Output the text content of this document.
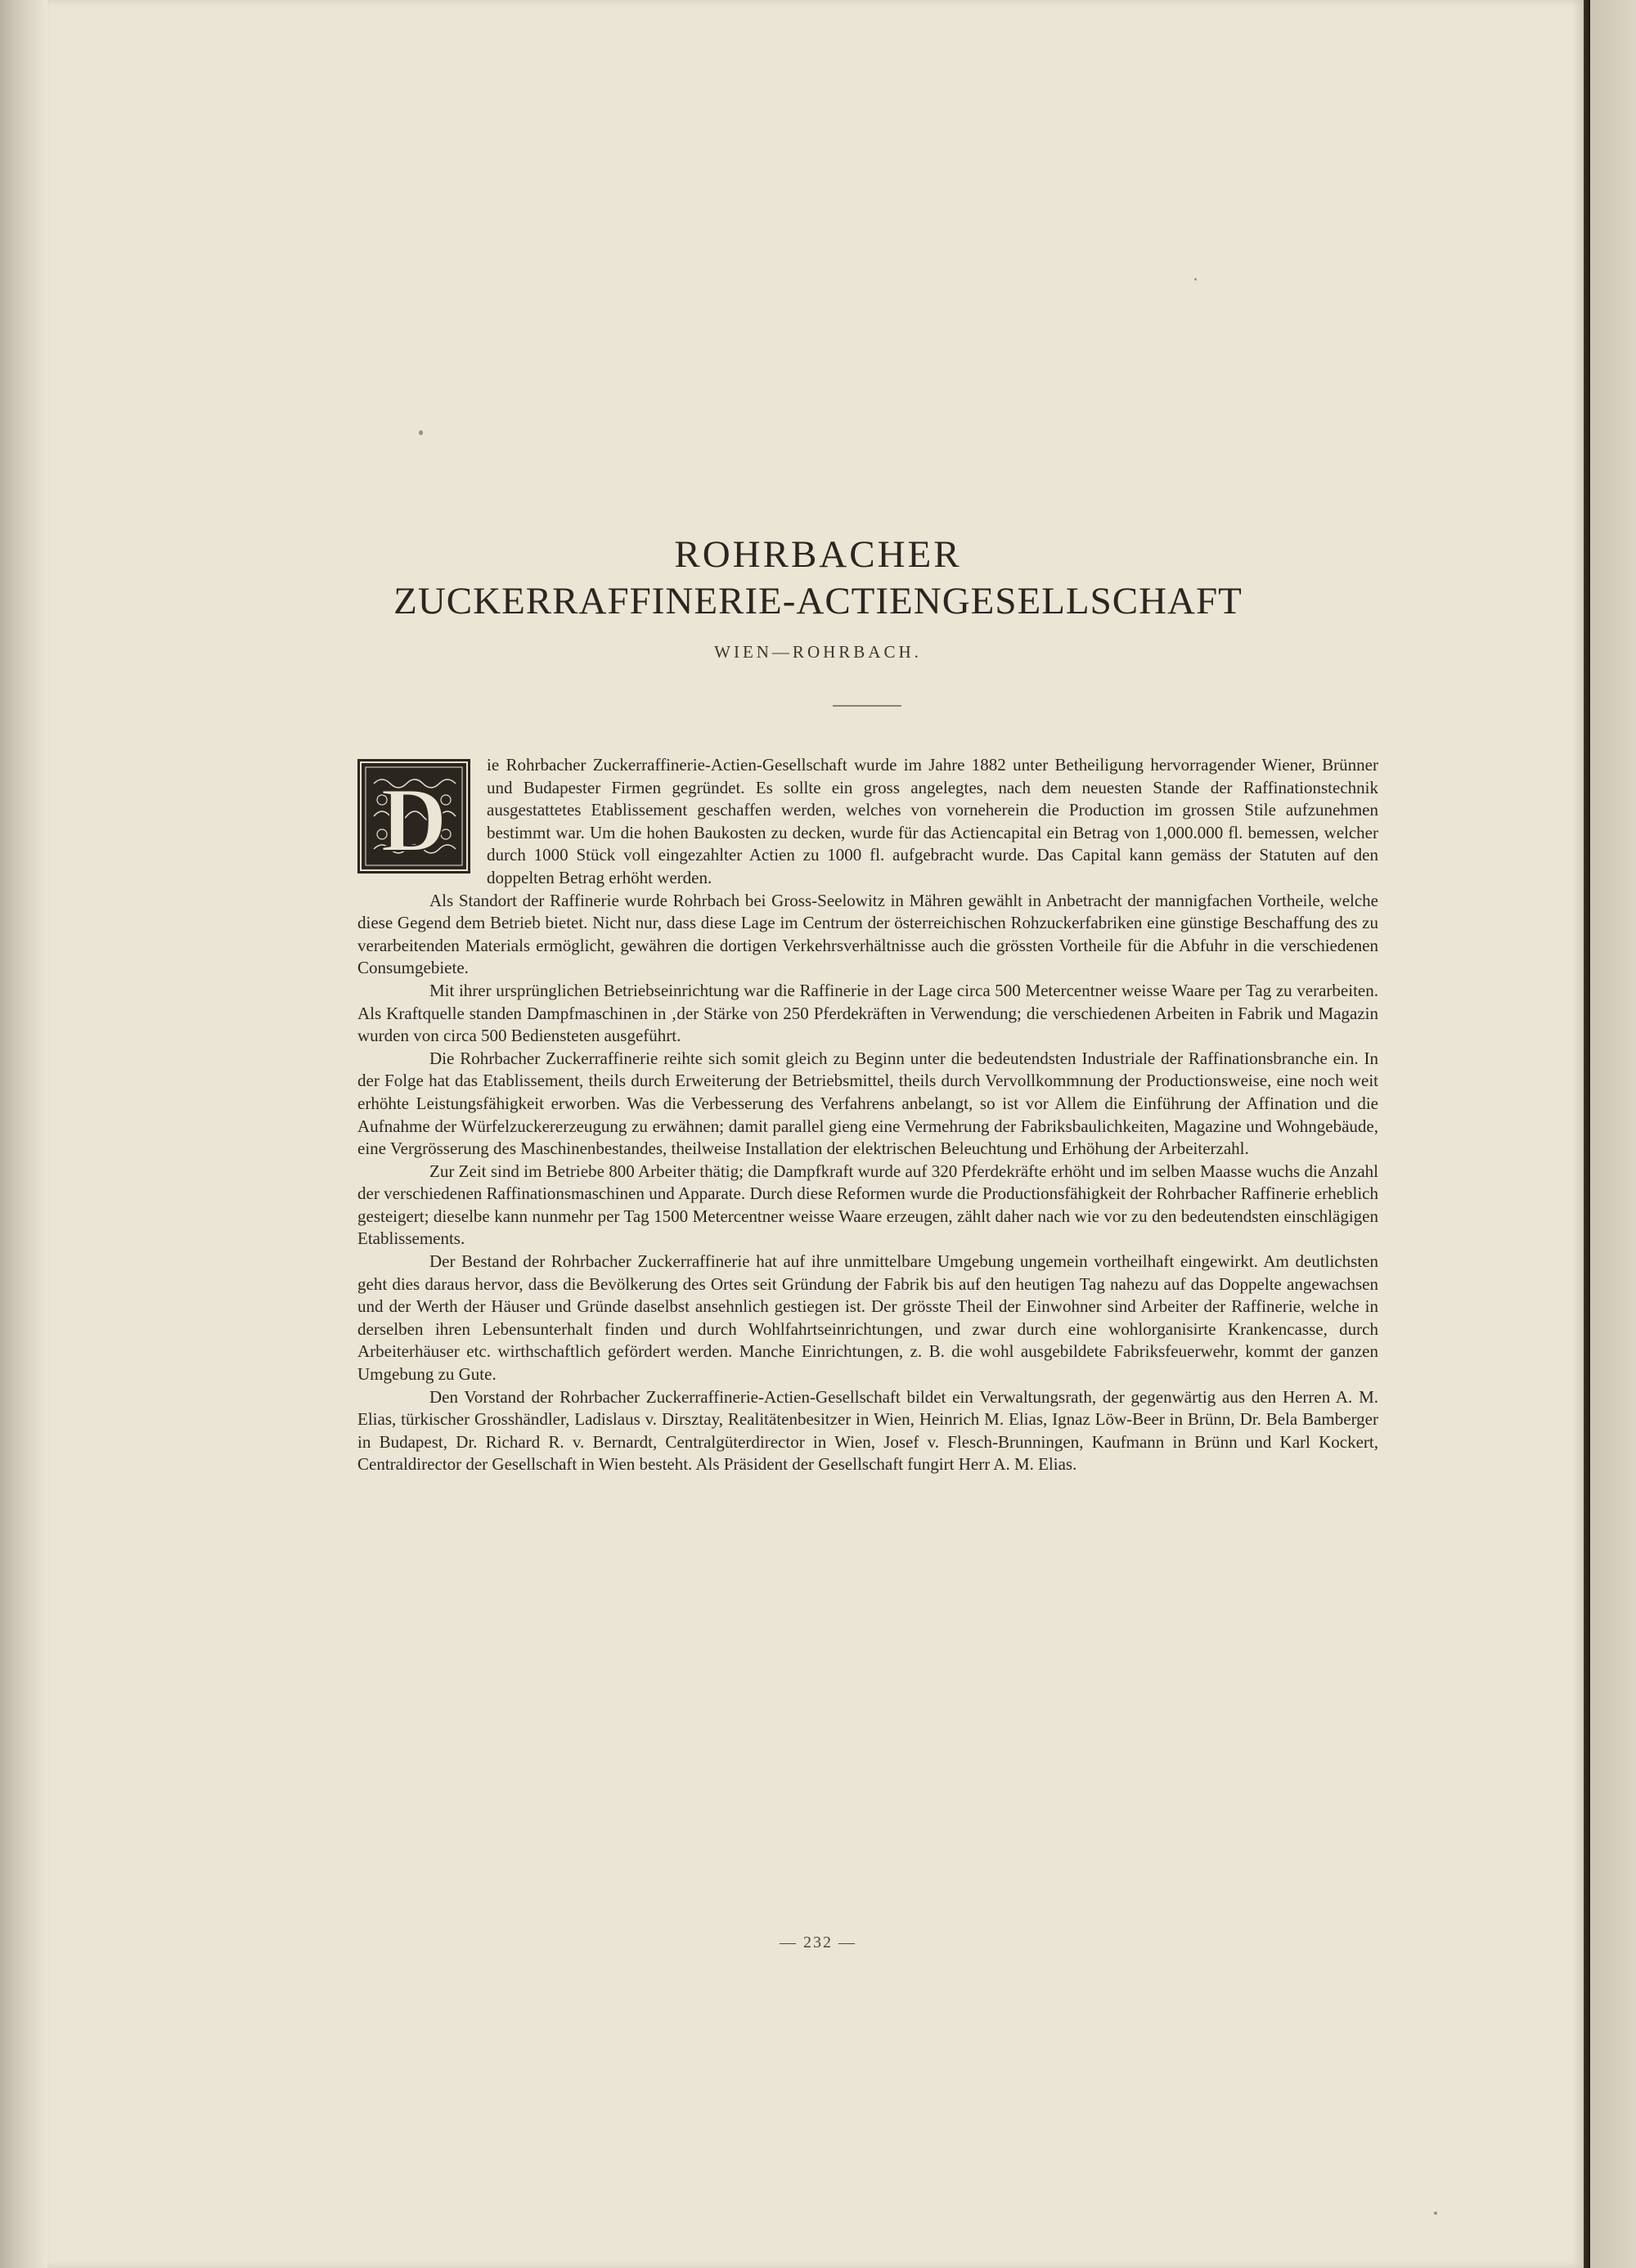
ROHRBACHER
ZUCKERRAFFINERIE-ACTIENGESELLSCHAFT
WIEN—ROHRBACH.

D
ie Rohrbacher Zuckerraffinerie-Actien-Gesellschaft wurde im Jahre 1882 unter Betheiligung hervorragender Wiener, Brünner und Budapester Firmen gegründet. Es sollte ein gross angelegtes, nach dem neuesten Stande der Raffinationstechnik ausgestattetes Etablissement geschaffen werden, welches von vorneherein die Production im grossen Stile aufzunehmen bestimmt war. Um die hohen Baukosten zu decken, wurde für das Actiencapital ein Betrag von 1,000.000 fl. bemessen, welcher durch 1000 Stück voll eingezahlter Actien zu 1000 fl. aufgebracht wurde. Das Capital kann gemäss der Statuten auf den doppelten Betrag erhöht werden.

Als Standort der Raffinerie wurde Rohrbach bei Gross-Seelowitz in Mähren gewählt in Anbetracht der mannigfachen Vortheile, welche diese Gegend dem Betrieb bietet. Nicht nur, dass diese Lage im Centrum der österreichischen Rohzuckerfabriken eine günstige Beschaffung des zu verarbeitenden Materials ermöglicht, gewähren die dortigen Verkehrsverhältnisse auch die grössten Vortheile für die Abfuhr in die verschiedenen Consumgebiete.

Mit ihrer ursprünglichen Betriebseinrichtung war die Raffinerie in der Lage circa 500 Metercentner weisse Waare per Tag zu verarbeiten. Als Kraftquelle standen Dampfmaschinen in ‚der Stärke von 250 Pferdekräften in Verwendung; die verschiedenen Arbeiten in Fabrik und Magazin wurden von circa 500 Bediensteten ausgeführt.

Die Rohrbacher Zuckerraffinerie reihte sich somit gleich zu Beginn unter die bedeutendsten Industriale der Raffinationsbranche ein. In der Folge hat das Etablissement, theils durch Erweiterung der Betriebsmittel, theils durch Vervollkommnung der Productionsweise, eine noch weit erhöhte Leistungsfähigkeit erworben. Was die Verbesserung des Verfahrens anbelangt, so ist vor Allem die Einführung der Affination und die Aufnahme der Würfelzuckererzeugung zu erwähnen; damit parallel gieng eine Vermehrung der Fabriksbaulichkeiten, Magazine und Wohngebäude, eine Vergrösserung des Maschinenbestandes, theilweise Installation der elektrischen Beleuchtung und Erhöhung der Arbeiterzahl.

Zur Zeit sind im Betriebe 800 Arbeiter thätig; die Dampfkraft wurde auf 320 Pferdekräfte erhöht und im selben Maasse wuchs die Anzahl der verschiedenen Raffinationsmaschinen und Apparate. Durch diese Reformen wurde die Productionsfähigkeit der Rohrbacher Raffinerie erheblich gesteigert; dieselbe kann nunmehr per Tag 1500 Metercentner weisse Waare erzeugen, zählt daher nach wie vor zu den bedeutendsten einschlägigen Etablissements.

Der Bestand der Rohrbacher Zuckerraffinerie hat auf ihre unmittelbare Umgebung ungemein vortheilhaft eingewirkt. Am deutlichsten geht dies daraus hervor, dass die Bevölkerung des Ortes seit Gründung der Fabrik bis auf den heutigen Tag nahezu auf das Doppelte angewachsen und der Werth der Häuser und Gründe daselbst ansehnlich gestiegen ist. Der grösste Theil der Einwohner sind Arbeiter der Raffinerie, welche in derselben ihren Lebensunterhalt finden und durch Wohlfahrtseinrichtungen, und zwar durch eine wohlorganisirte Krankencasse, durch Arbeiterhäuser etc. wirthschaftlich gefördert werden. Manche Einrichtungen, z. B. die wohl ausgebildete Fabriksfeuerwehr, kommt der ganzen Umgebung zu Gute.

Den Vorstand der Rohrbacher Zuckerraffinerie-Actien-Gesellschaft bildet ein Verwaltungsrath, der gegenwärtig aus den Herren A. M. Elias, türkischer Grosshändler, Ladislaus v. Dirsztay, Realitätenbesitzer in Wien, Heinrich M. Elias, Ignaz Löw-Beer in Brünn, Dr. Bela Bamberger in Budapest, Dr. Richard R. v. Bernardt, Centralgüterdirector in Wien, Josef v. Flesch-Brunningen, Kaufmann in Brünn und Karl Kockert, Centraldirector der Gesellschaft in Wien besteht. Als Präsident der Gesellschaft fungirt Herr A. M. Elias.

— 232 —
